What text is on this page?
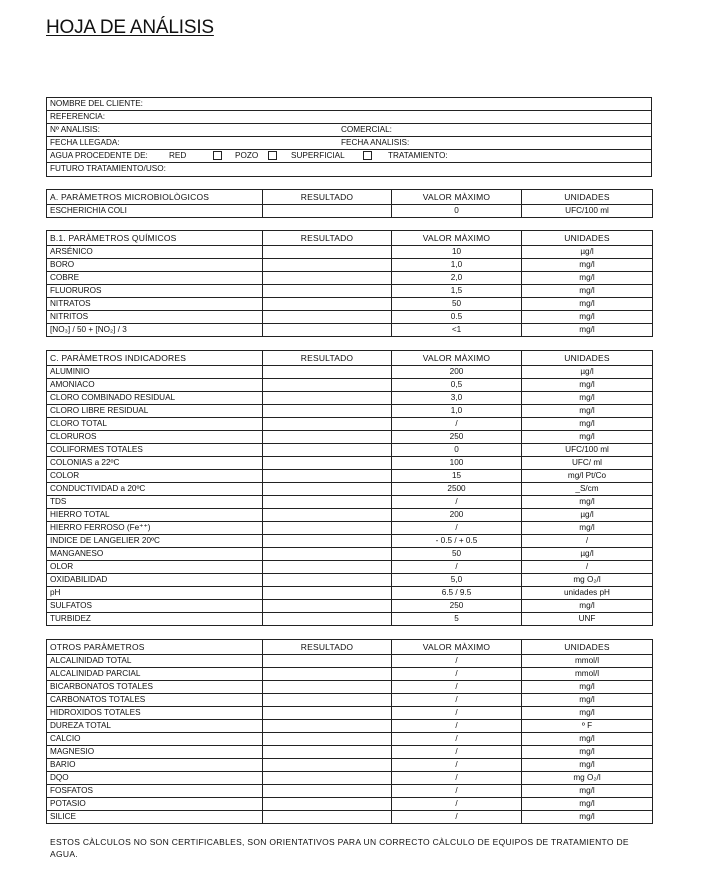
HOJA DE ANÁLISIS
NOMBRE DEL CLIENTE:
REFERENCIA:
Nº ANALISIS:	COMERCIAL:
FECHA LLEGADA:	FECHA ANALISIS:
AGUA PROCEDENTE DE:	RED	POZO	SUPERFICIAL	TRATAMIENTO:
FUTURO TRATAMIENTO/USO:
A. PARÀMETROS MICROBIOLÒGICOS	RESULTADO	VALOR MÀXIMO	UNIDADES
ESCHERICHIA COLI		0	UFC/100 ml
B.1. PARÀMETROS QUÍMICOS	RESULTADO	VALOR MÀXIMO	UNIDADES
ARSÉNICO		10	µg/l
BORO		1,0	mg/l
COBRE		2,0	mg/l
FLUORUROS		1,5	mg/l
NITRATOS		50	mg/l
NITRITOS		0.5	mg/l
[NO₃] / 50 + [NO₂] / 3		<1	mg/l
C. PARÀMETROS INDICADORES	RESULTADO	VALOR MÀXIMO	UNIDADES
ALUMINIO		200	µg/l
AMONIACO		0,5	mg/l
CLORO COMBINADO RESIDUAL		3,0	mg/l
CLORO LIBRE RESIDUAL		1,0	mg/l
CLORO TOTAL		/	mg/l
CLORUROS		250	mg/l
COLIFORMES TOTALES		0	UFC/100 ml
COLONIAS a 22ºC		100	UFC/ ml
COLOR		15	mg/l Pt/Co
CONDUCTIVIDAD a 20ºC		2500	_S/cm
TDS		/	mg/l
HIERRO TOTAL		200	µg/l
HIERRO FERROSO (Fe⁺⁺)		/	mg/l
INDICE DE LANGELIER 20ºC		- 0.5 / + 0.5	/
MANGANESO		50	µg/l
OLOR		/	/
OXIDABILIDAD		5,0	mg O₂/l
pH		6.5 / 9.5	unidades pH
SULFATOS		250	mg/l
TURBIDEZ		5	UNF
OTROS PARÀMETROS	RESULTADO	VALOR MÀXIMO	UNIDADES
ALCALINIDAD TOTAL		/	mmol/l
ALCALINIDAD PARCIAL		/	mmol/l
BICARBONATOS TOTALES		/	mg/l
CARBONATOS TOTALES		/	mg/l
HIDROXIDOS TOTALES		/	mg/l
DUREZA TOTAL		/	º F
CALCIO		/	mg/l
MAGNESIO		/	mg/l
BARIO		/	mg/l
DQO		/	mg O₂/l
FOSFATOS		/	mg/l
POTASIO		/	mg/l
SILICE		/	mg/l
ESTOS CÀLCULOS NO SON CERTIFICABLES, SON ORIENTATIVOS PARA UN CORRECTO CÀLCULO DE EQUIPOS DE TRATAMIENTO DE AGUA.
